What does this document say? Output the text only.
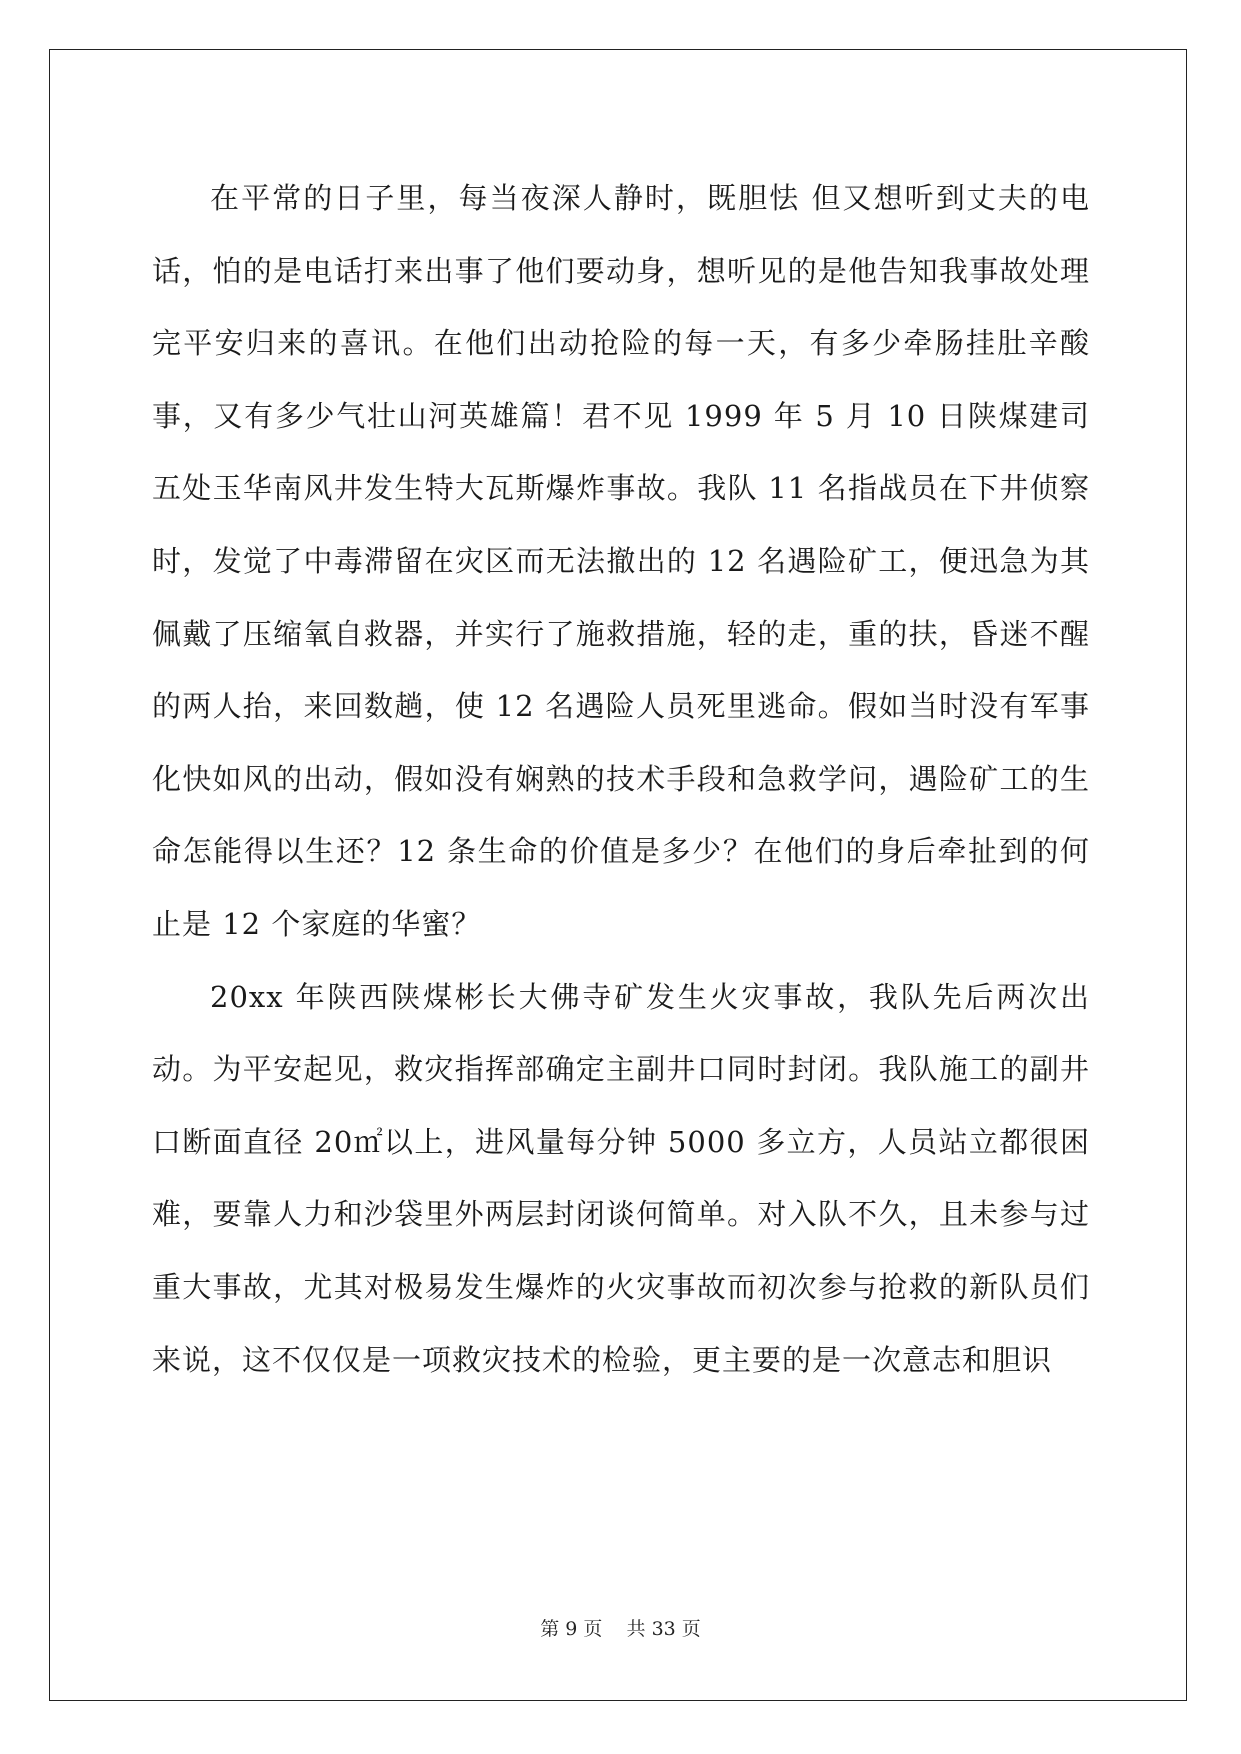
在平常的日子里，每当夜深人静时，既胆怯 但又想听到丈夫的电话，怕的是电话打来出事了他们要动身，想听见的是他告知我事故处理完平安归来的喜讯。在他们出动抢险的每一天，有多少牵肠挂肚辛酸事，又有多少气壮山河英雄篇！君不见 1999 年 5 月 10 日陕煤建司五处玉华南风井发生特大瓦斯爆炸事故。我队 11 名指战员在下井侦察时，发觉了中毒滞留在灾区而无法撤出的 12 名遇险矿工，便迅急为其佩戴了压缩氧自救器，并实行了施救措施，轻的走，重的扶，昏迷不醒的两人抬，来回数趟，使 12 名遇险人员死里逃命。假如当时没有军事化快如风的出动，假如没有娴熟的技术手段和急救学问，遇险矿工的生命怎能得以生还？12 条生命的价值是多少？在他们的身后牵扯到的何止是 12 个家庭的华蜜？

20xx 年陕西陕煤彬长大佛寺矿发生火灾事故，我队先后两次出动。为平安起见，救灾指挥部确定主副井口同时封闭。我队施工的副井口断面直径 20㎡以上，进风量每分钟 5000 多立方，人员站立都很困难，要靠人力和沙袋里外两层封闭谈何简单。对入队不久，且未参与过重大事故，尤其对极易发生爆炸的火灾事故而初次参与抢救的新队员们来说，这不仅仅是一项救灾技术的检验，更主要的是一次意志和胆识

第 9 页 共 33 页
